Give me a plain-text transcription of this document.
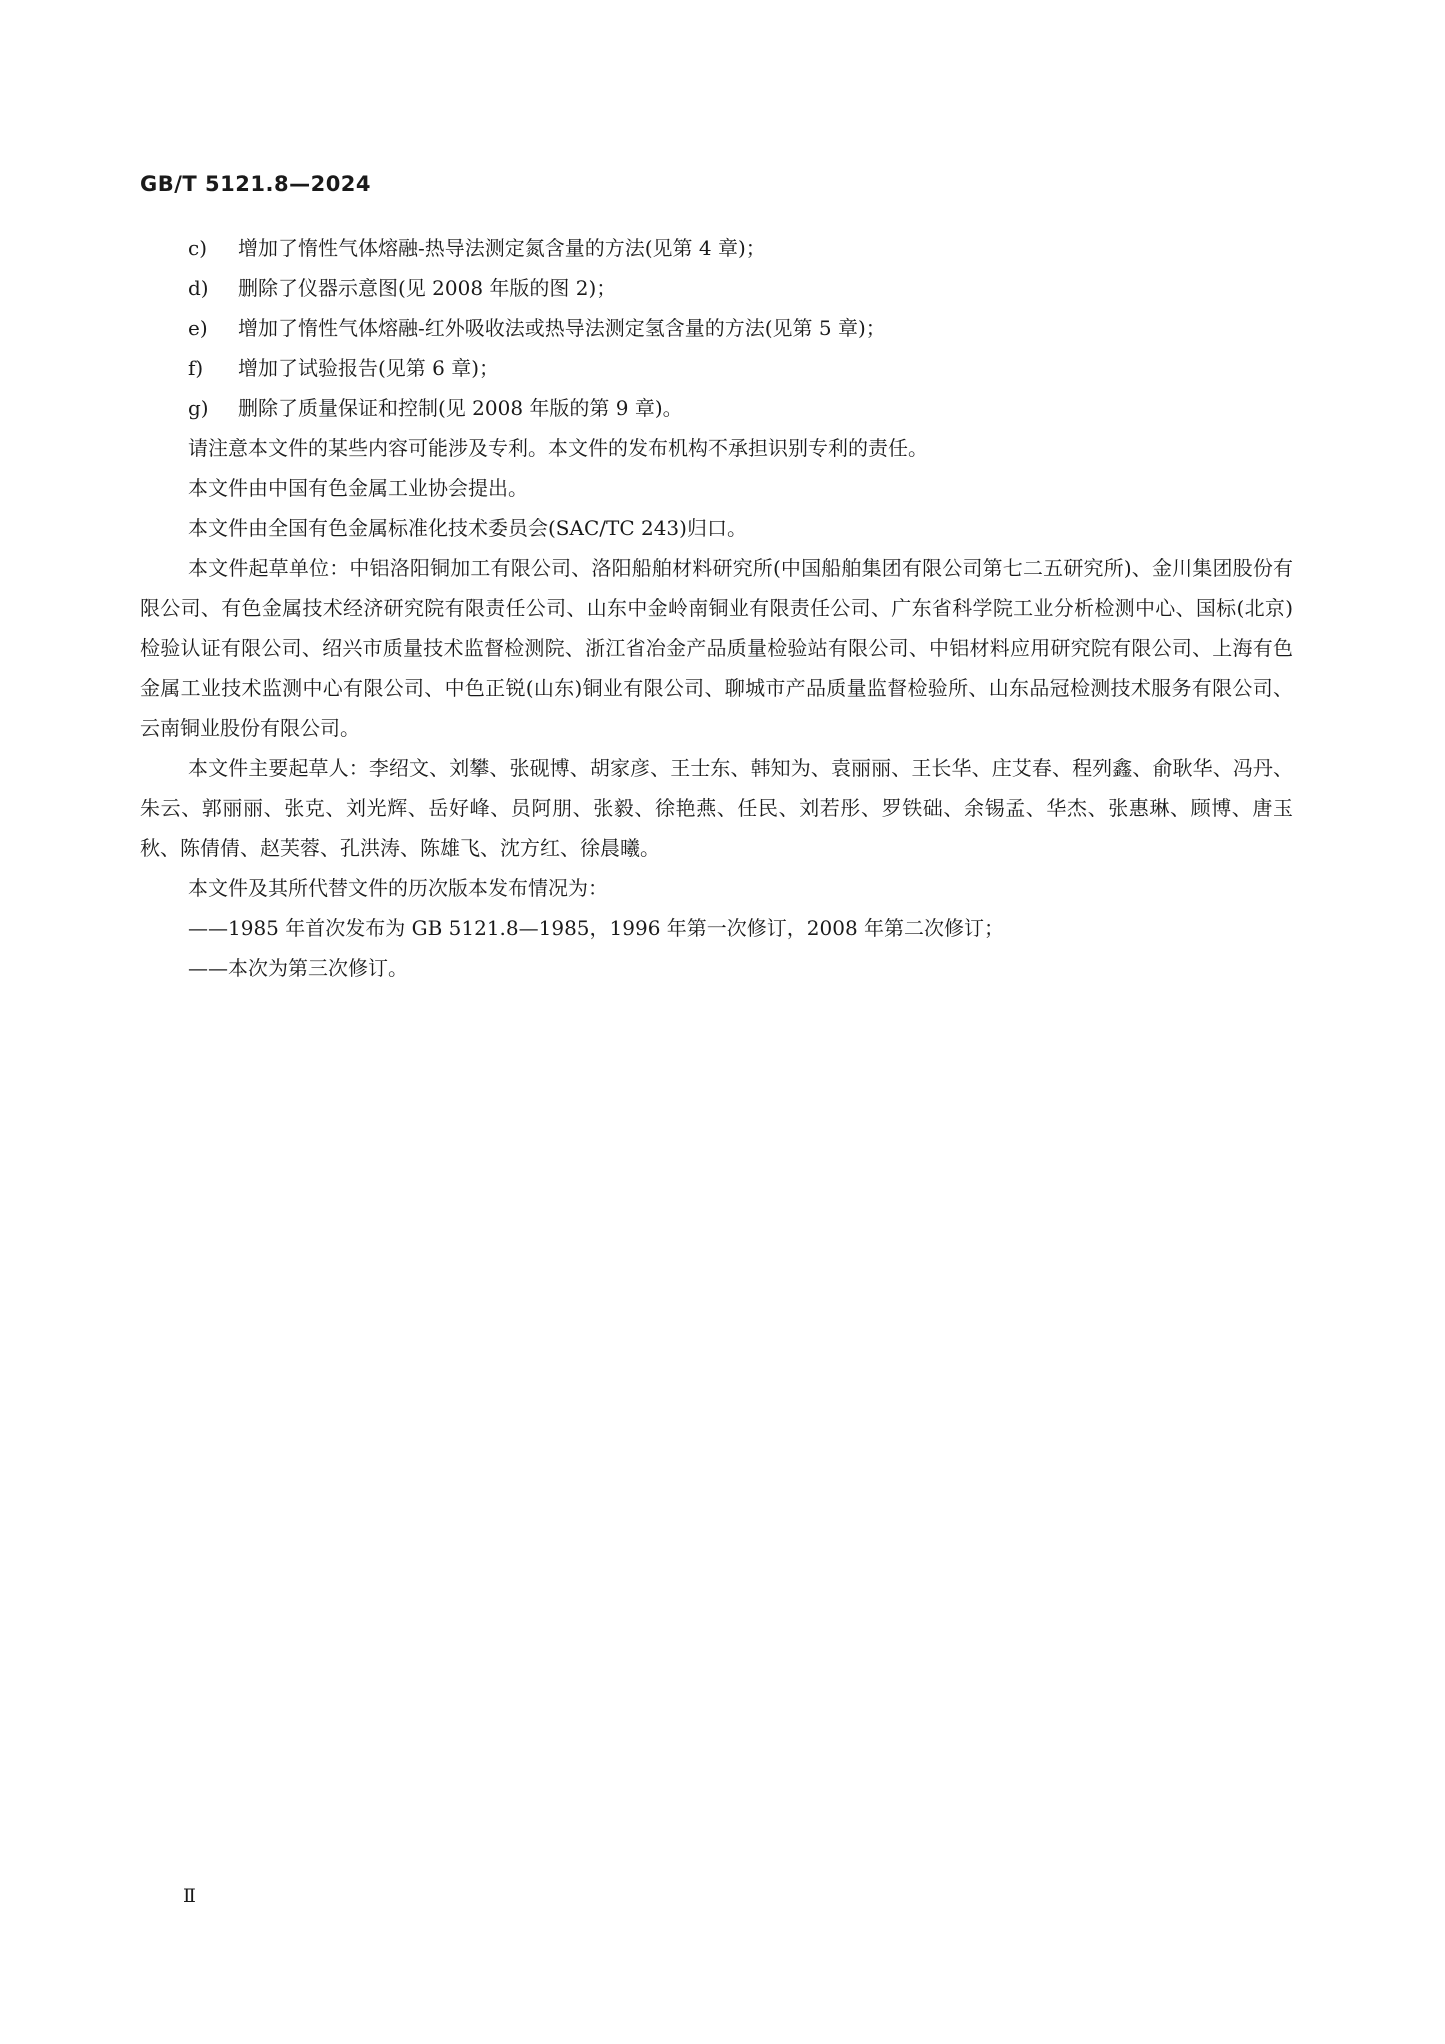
GB/T 5121.8—2024
c)	增加了惰性气体熔融-热导法测定氮含量的方法(见第 4 章)；
d)	删除了仪器示意图(见 2008 年版的图 2)；
e)	增加了惰性气体熔融-红外吸收法或热导法测定氢含量的方法(见第 5 章)；
f)	增加了试验报告(见第 6 章)；
g)	删除了质量保证和控制(见 2008 年版的第 9 章)。

请注意本文件的某些内容可能涉及专利。本文件的发布机构不承担识别专利的责任。

本文件由中国有色金属工业协会提出。

本文件由全国有色金属标准化技术委员会(SAC/TC 243)归口。

本文件起草单位：中铝洛阳铜加工有限公司、洛阳船舶材料研究所(中国船舶集团有限公司第七二五研究所)、金川集团股份有限公司、有色金属技术经济研究院有限责任公司、山东中金岭南铜业有限责任公司、广东省科学院工业分析检测中心、国标(北京)检验认证有限公司、绍兴市质量技术监督检测院、浙江省冶金产品质量检验站有限公司、中铝材料应用研究院有限公司、上海有色金属工业技术监测中心有限公司、中色正锐(山东)铜业有限公司、聊城市产品质量监督检验所、山东品冠检测技术服务有限公司、云南铜业股份有限公司。

本文件主要起草人：李绍文、刘攀、张砚博、胡家彦、王士东、韩知为、袁丽丽、王长华、庄艾春、程列鑫、俞耿华、冯丹、朱云、郭丽丽、张克、刘光辉、岳好峰、员阿朋、张毅、徐艳燕、任民、刘若彤、罗铁础、余锡孟、华杰、张惠琳、顾博、唐玉秋、陈倩倩、赵芙蓉、孔洪涛、陈雄飞、沈方红、徐晨曦。

本文件及其所代替文件的历次版本发布情况为：

——1985 年首次发布为 GB 5121.8—1985，1996 年第一次修订，2008 年第二次修订；

——本次为第三次修订。

Ⅱ
